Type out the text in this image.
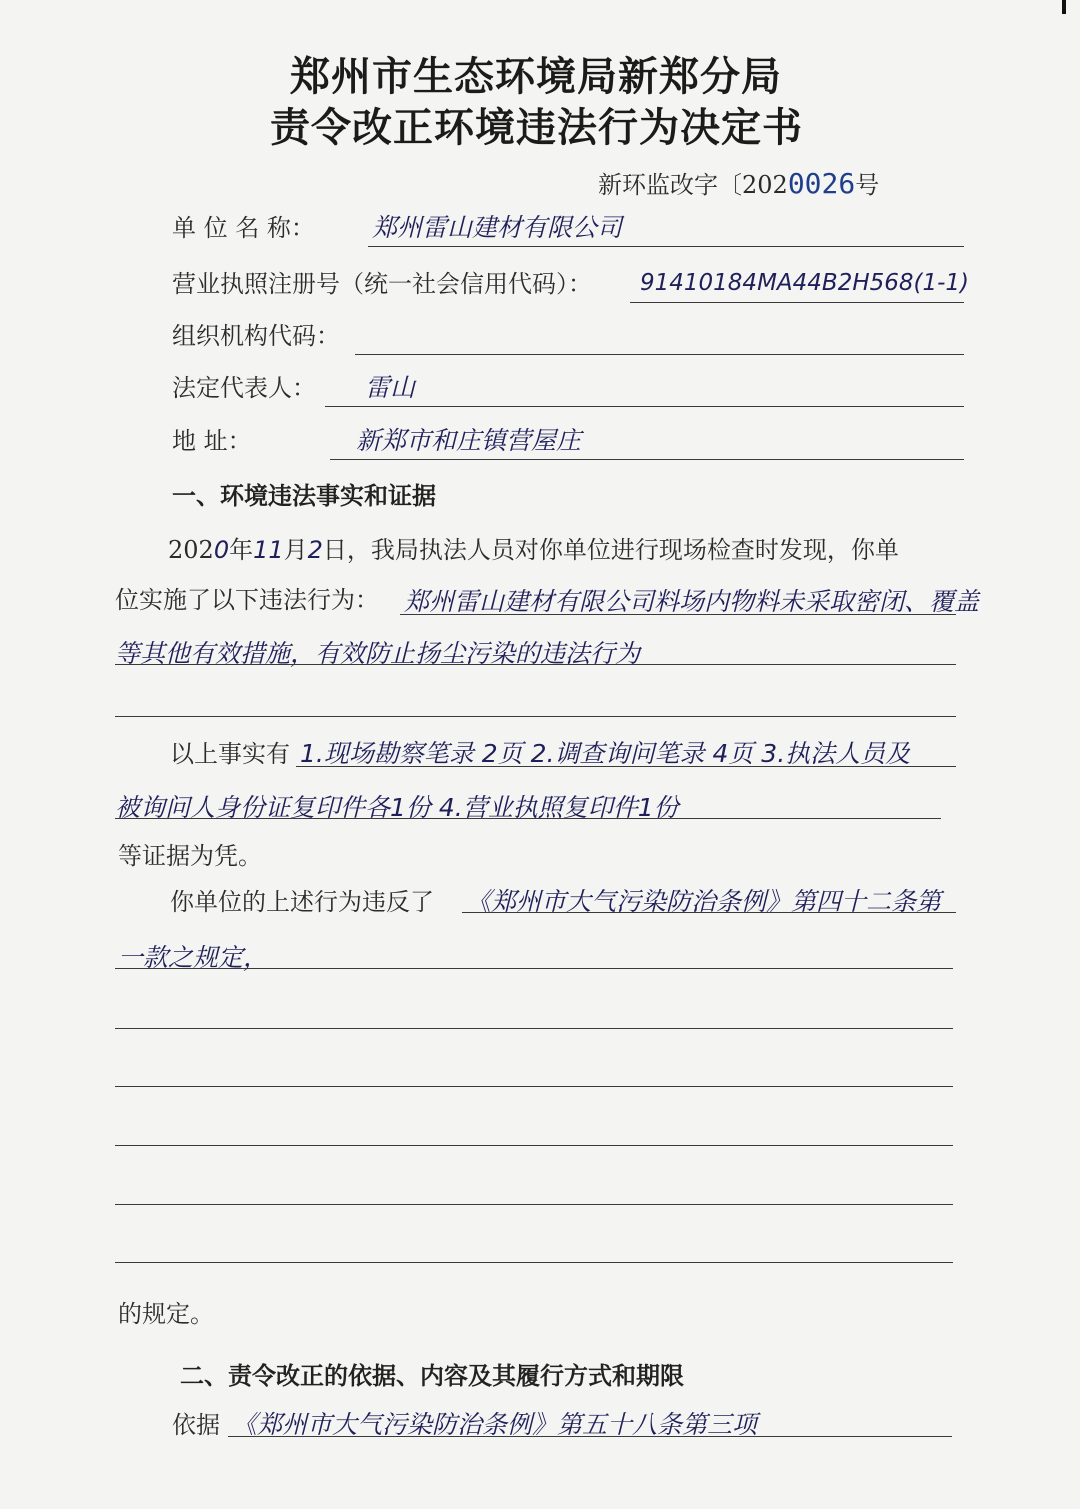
郑州市生态环境局新郑分局
责令改正环境违法行为决定书
新环监改字〔2020026号
单 位 名 称： 郑州雷山建材有限公司
营业执照注册号（统一社会信用代码）： 91410184MA44B2H568(1-1)
组织机构代码：
法定代表人： 雷山
地 址：	新郑市和庄镇营屋庄
一、环境违法事实和证据
2020年11月2日，我局执法人员对你单位进行现场检查时发现，你单
位实施了以下违法行为： 郑州雷山建材有限公司料场内物料未采取密闭、覆盖
等其他有效措施，有效防止扬尘污染的违法行为
以上事实有 1.现场勘察笔录 2页 2.调查询问笔录 4页 3.执法人员及
被询问人身份证复印件各1份 4.营业执照复印件1份
等证据为凭。
你单位的上述行为违反了 《郑州市大气污染防治条例》第四十二条第
一款之规定，
的规定。
二、责令改正的依据、内容及其履行方式和期限
依据 《郑州市大气污染防治条例》第五十八条第三项
